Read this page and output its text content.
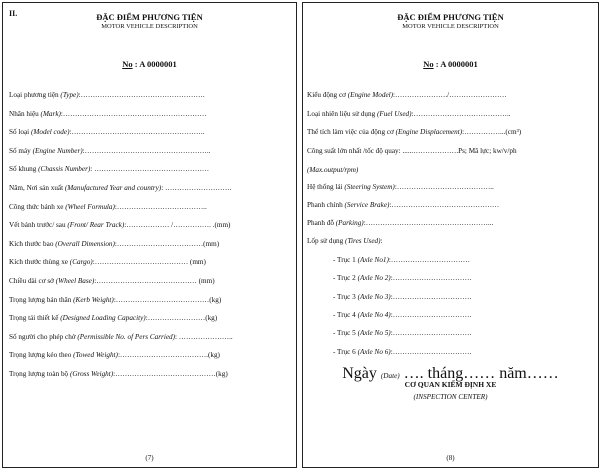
II.	ĐẶC ĐIỂM PHƯƠNG TIỆN
MOTOR VEHICLE DESCRIPTION
No : A 0000001
Loại phương tiện (Type):…………………………………………….
Nhãn hiệu (Mark):……………………………………………………
Số loại (Model code):………………………………………………..
Số máy (Engine Number):……………………………………………..
Số khung (Chassis Number): …………………………………………
Năm, Nơi sản xuất (Manufactured Year and country): ……………………….
Công thức bánh xe (Wheel Formula):………………………………..
Vết bánh trước/ sau (Front/ Rear Track):……………… /……………. .(mm)
Kích thước bao (Overall Dimension):………………………………(mm)
Kích thước thùng xe (Cargo):………………………………… (mm)
Chiều dài cơ sở (Wheel Base):…………………………………… (mm)
Trọng lượng bản thân (Kerb Weight):…………………………………(kg)
Trọng tải thiết kế (Designed Loading Capacity):……………………(kg)
Số người cho phép chở (Permissible No. of Pers Carried): …………………..
Trọng lượng kéo theo (Towed Weight):……………………………….(kg)
Trọng lượng toàn bộ (Gross Weight):……………………………………(kg)
(7)
ĐẶC ĐIỂM PHƯƠNG TIỆN
MOTOR VEHICLE DESCRIPTION
No : A 0000001
Kiểu động cơ (Engine Model):…………………./……………………
Loại nhiên liệu sử dụng (Fuel Used):…………………………………..
Thể tích làm việc của động cơ (Engine Displacement):……………...(cm³)
Công suất lớn nhất /tốc độ quay: ......……………….Ps; Mã lực; kw/v/ph
(Max.output/rpm)
Hệ thống lái (Steering System):…………………………………..
Phanh chính (Service Brake):………………………………………
Phanh đỗ (Parking):……………………………………………...
Lốp sử dụng (Tires Used):
- Trục 1 (Axle No1):……………………………
- Trục 2 (Axle No 2):……………………………
- Trục 3 (Axle No 3):……………………………
- Trục 4 (Axle No 4):……………………………
- Trục 5 (Axle No 5):……………………………
- Trục 6 (Axle No 6):……………………………
Ngày (Date) …. tháng…… năm……
CƠ QUAN KIỂM ĐỊNH XE
(INSPECTION CENTER)
(8)
